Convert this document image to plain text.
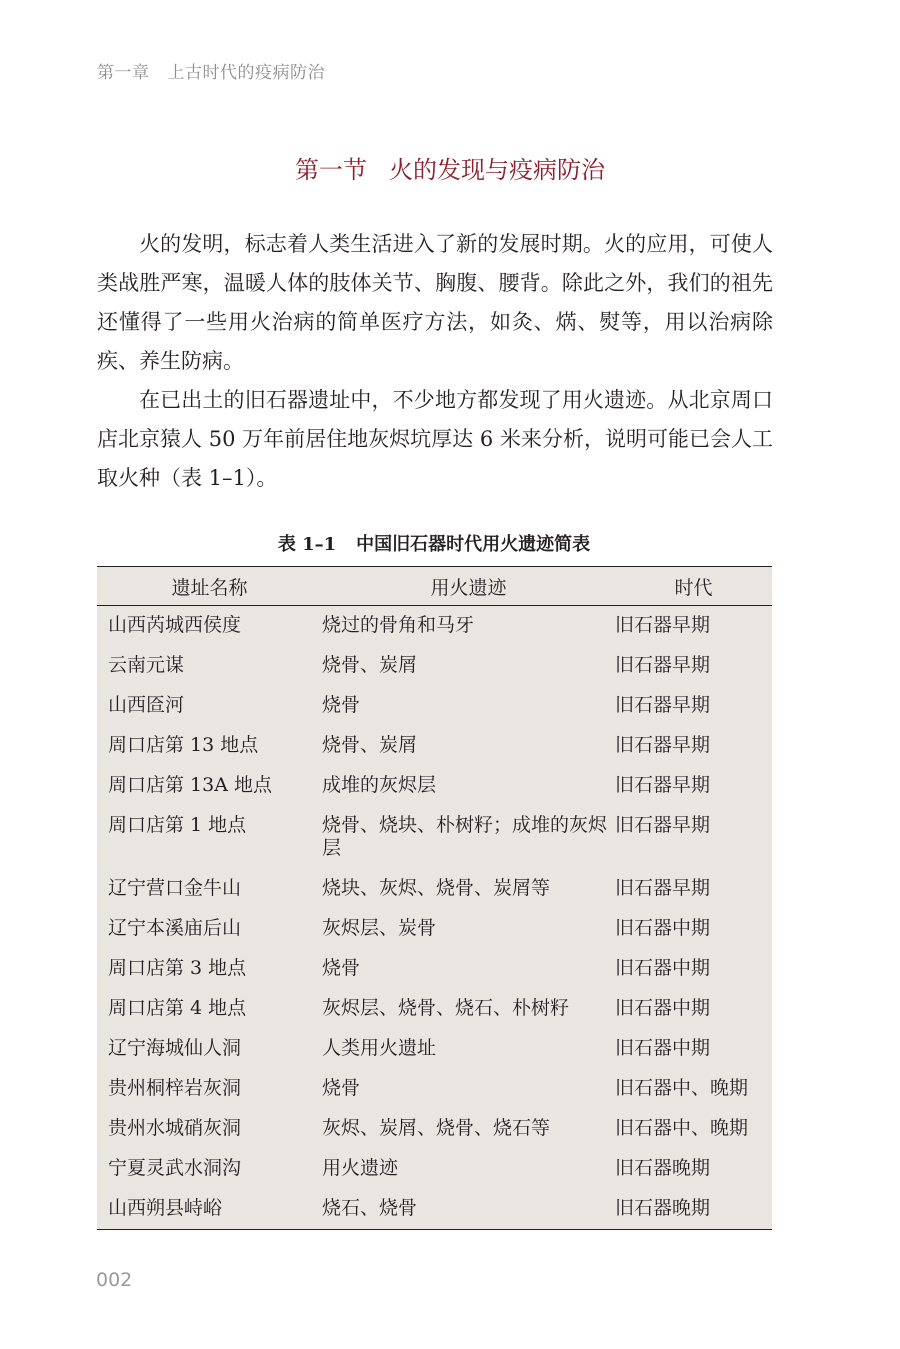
第一章 上古时代的疫病防治
第一节 火的发现与疫病防治

火的发明，标志着人类生活进入了新的发展时期。火的应用，可使人类战胜严寒，温暖人体的肢体关节、胸腹、腰背。除此之外，我们的祖先还懂得了一些用火治病的简单医疗方法，如灸、焫、熨等，用以治病除疾、养生防病。

在已出土的旧石器遗址中，不少地方都发现了用火遗迹。从北京周口店北京猿人 50 万年前居住地灰烬坑厚达 6 米来分析，说明可能已会人工取火种（表 1–1）。

表 1–1 中国旧石器时代用火遗迹简表
遗址名称	用火遗迹	时代
山西芮城西侯度	烧过的骨角和马牙	旧石器早期
云南元谋	烧骨、炭屑	旧石器早期
山西匼河	烧骨	旧石器早期
周口店第 13 地点	烧骨、炭屑	旧石器早期
周口店第 13A 地点	成堆的灰烬层	旧石器早期
周口店第 1 地点	烧骨、烧块、朴树籽；成堆的灰烬层	旧石器早期
辽宁营口金牛山	烧块、灰烬、烧骨、炭屑等	旧石器早期
辽宁本溪庙后山	灰烬层、炭骨	旧石器中期
周口店第 3 地点	烧骨	旧石器中期
周口店第 4 地点	灰烬层、烧骨、烧石、朴树籽	旧石器中期
辽宁海城仙人洞	人类用火遗址	旧石器中期
贵州桐梓岩灰洞	烧骨	旧石器中、晚期
贵州水城硝灰洞	灰烬、炭屑、烧骨、烧石等	旧石器中、晚期
宁夏灵武水洞沟	用火遗迹	旧石器晚期
山西朔县峙峪	烧石、烧骨	旧石器晚期
002
